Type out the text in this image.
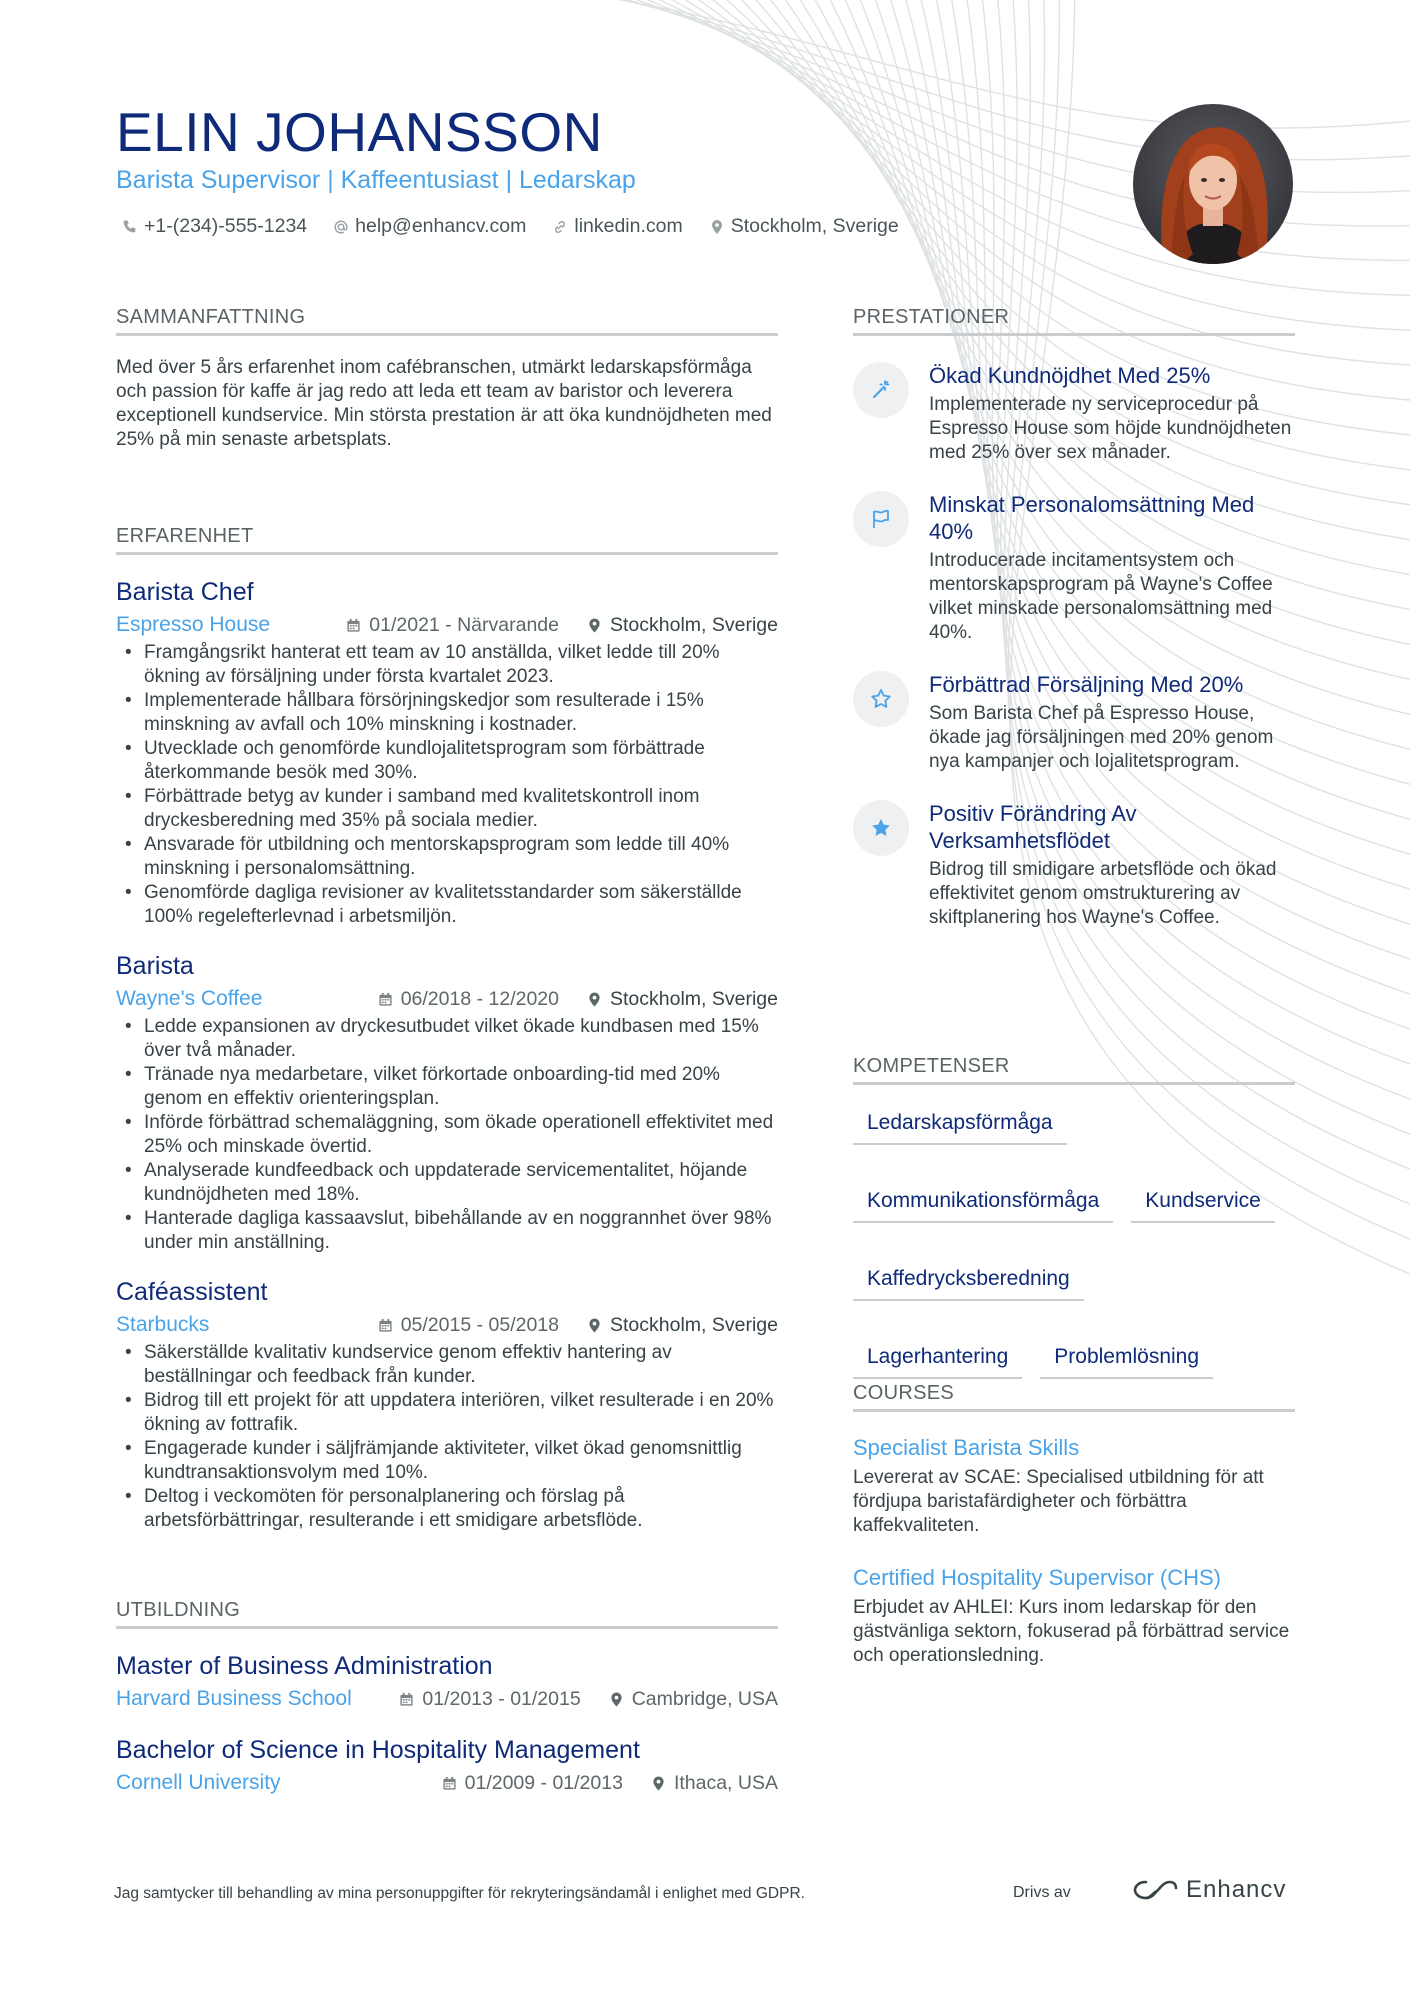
ELIN JOHANSSON
Barista Supervisor | Kaffeentusiast | Ledarskap
+1-(234)-555-1234 help@enhancv.com linkedin.com Stockholm, Sverige
SAMMANFATTNING
Med över 5 års erfarenhet inom cafébranschen, utmärkt ledarskapsförmåga och passion för kaffe är jag redo att leda ett team av baristor och leverera exceptionell kundservice. Min största prestation är att öka kundnöjdheten med 25% på min senaste arbetsplats.
ERFARENHET
Barista Chef
Espresso House	01/2021 - Närvarande	Stockholm, Sverige
• Framgångsrikt hanterat ett team av 10 anställda, vilket ledde till 20% ökning av försäljning under första kvartalet 2023.
• Implementerade hållbara försörjningskedjor som resulterade i 15% minskning av avfall och 10% minskning i kostnader.
• Utvecklade och genomförde kundlojalitetsprogram som förbättrade återkommande besök med 30%.
• Förbättrade betyg av kunder i samband med kvalitetskontroll inom dryckesberedning med 35% på sociala medier.
• Ansvarade för utbildning och mentorskapsprogram som ledde till 40% minskning i personalomsättning.
• Genomförde dagliga revisioner av kvalitetsstandarder som säkerställde 100% regelefterlevnad i arbetsmiljön.
Barista
Wayne's Coffee	06/2018 - 12/2020	Stockholm, Sverige
• Ledde expansionen av dryckesutbudet vilket ökade kundbasen med 15% över två månader.
• Tränade nya medarbetare, vilket förkortade onboarding-tid med 20% genom en effektiv orienteringsplan.
• Införde förbättrad schemaläggning, som ökade operationell effektivitet med 25% och minskade övertid.
• Analyserade kundfeedback och uppdaterade servicementalitet, höjande kundnöjdheten med 18%.
• Hanterade dagliga kassaavslut, bibehållande av en noggrannhet över 98% under min anställning.
Caféassistent
Starbucks	05/2015 - 05/2018	Stockholm, Sverige
• Säkerställde kvalitativ kundservice genom effektiv hantering av beställningar och feedback från kunder.
• Bidrog till ett projekt för att uppdatera interiören, vilket resulterade i en 20% ökning av fottrafik.
• Engagerade kunder i säljfrämjande aktiviteter, vilket ökad genomsnittlig kundtransaktionsvolym med 10%.
• Deltog i veckomöten för personalplanering och förslag på arbetsförbättringar, resulterande i ett smidigare arbetsflöde.
UTBILDNING
Master of Business Administration
Harvard Business School	01/2013 - 01/2015	Cambridge, USA
Bachelor of Science in Hospitality Management
Cornell University	01/2009 - 01/2013	Ithaca, USA
PRESTATIONER
Ökad Kundnöjdhet Med 25%
Implementerade ny serviceprocedur på Espresso House som höjde kundnöjdheten med 25% över sex månader.
Minskat Personalomsättning Med 40%
Introducerade incitamentsystem och mentorskapsprogram på Wayne's Coffee vilket minskade personalomsättning med 40%.
Förbättrad Försäljning Med 20%
Som Barista Chef på Espresso House, ökade jag försäljningen med 20% genom nya kampanjer och lojalitetsprogram.
Positiv Förändring Av Verksamhetsflödet
Bidrog till smidigare arbetsflöde och ökad effektivitet genom omstrukturering av skiftplanering hos Wayne's Coffee.
KOMPETENSER
Ledarskapsförmåga
Kommunikationsförmåga	Kundservice
Kaffedrycksberedning
Lagerhantering	Problemlösning
COURSES
Specialist Barista Skills
Levererat av SCAE: Specialised utbildning för att fördjupa baristafärdigheter och förbättra kaffekvaliteten.
Certified Hospitality Supervisor (CHS)
Erbjudet av AHLEI: Kurs inom ledarskap för den gästvänliga sektorn, fokuserad på förbättrad service och operationsledning.
Jag samtycker till behandling av mina personuppgifter för rekryteringsändamål i enlighet med GDPR.	Drivs av	Enhancv
